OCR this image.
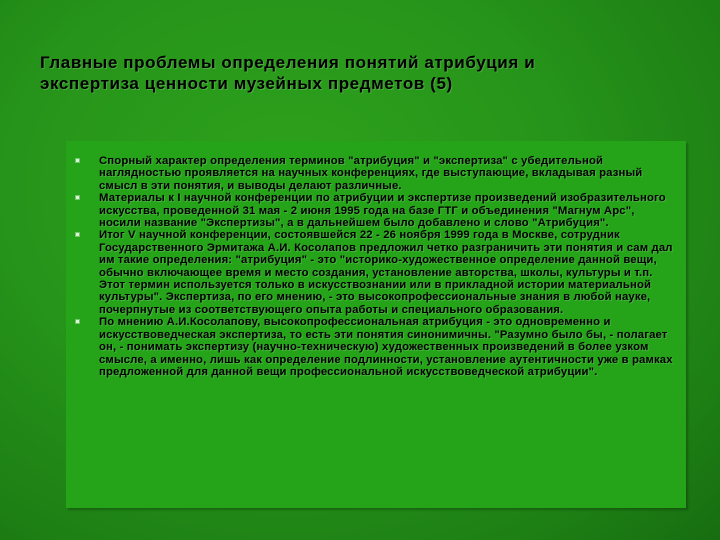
Главные проблемы определения понятий атрибуция и
экспертиза ценности музейных предметов (5)
Спорный характер определения терминов "атрибуция" и "экспертиза" с убедительной наглядностью проявляется на научных конференциях, где выступающие, вкладывая разный смысл в эти понятия, и выводы делают различные.
Материалы к I научной конференции по атрибуции и экспертизе произведений изобразительного искусства, проведенной 31 мая - 2 июня 1995 года на базе ГТГ и объединения "Магнум Арс", носили название "Экспертизы", а в дальнейшем было добавлено и слово "Атрибуция".
Итог V научной конференции, состоявшейся 22 - 26 ноября 1999 года в Москве, сотрудник Государственного Эрмитажа А.И. Косолапов предложил четко разграничить эти понятия и сам дал им такие определения: "атрибуция" - это "историко-художественное определение данной вещи, обычно включающее время и место создания, установление авторства, школы, культуры и т.п. Этот термин используется только в искусствознании или в прикладной истории материальной культуры". Экспертиза, по его мнению, - это высокопрофессиональные знания в любой науке, почерпнутые из соответствующего опыта работы и специального образования.
По мнению А.И.Косолапову, высокопрофессиональная атрибуция - это одновременно и искусствоведческая экспертиза, то есть эти понятия синонимичны. "Разумно было бы, - полагает он, - понимать экспертизу (научно-техническую) художественных произведений в более узком смысле, а именно, лишь как определение подлинности, установление аутентичности уже в рамках предложенной для данной вещи профессиональной искусствоведческой атрибуции".
